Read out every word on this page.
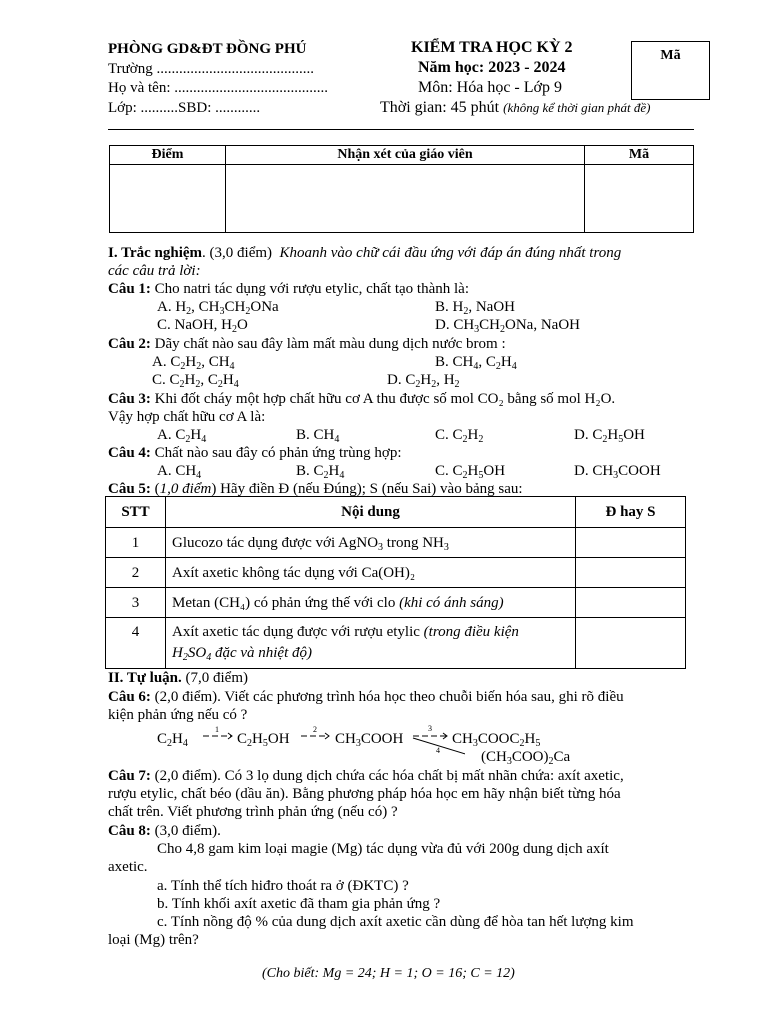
PHÒNG GD&ĐT ĐỒNG PHÚ
Trường ..........................................
Họ và tên: .........................................
Lớp: ..........SBD: ............
KIỂM TRA HỌC KỲ 2
Năm học: 2023 - 2024
Môn: Hóa học - Lớp 9
Thời gian: 45 phút (không kể thời gian phát đề)
Mã
Điểm	Nhận xét của giáo viên	Mã

I. Trắc nghiệm. (3,0 điểm) Khoanh vào chữ cái đầu ứng với đáp án đúng nhất trong
các câu trả lời:
Câu 1: Cho natri tác dụng với rượu etylic, chất tạo thành là:
A. $H_2$, $CH_3CH_2ONa$	B. $H_2$, NaOH
C. NaOH, $H_2O$	D. $CH_3CH_2ONa$, NaOH
Câu 2: Dãy chất nào sau đây làm mất màu dung dịch nước brom :
A. $C_2H_2$, $CH_4$	B. $CH_4$, $C_2H_4$
C. $C_2H_2$, $C_2H_4$	D. $C_2H_2$, $H_2$
Câu 3: Khi đốt cháy một hợp chất hữu cơ A thu được số mol CO₂ bằng số mol H₂O.
Vậy hợp chất hữu cơ A là:
A. $C_2H_4$	B. $CH_4$	C. $C_2H_2$	D. $C_2H_5OH$
Câu 4: Chất nào sau đây có phản ứng trùng hợp:
A. $CH_4$	B. $C_2H_4$	C. $C_2H_5OH$	D. $CH_3COOH$
Câu 5: (1,0 điểm) Hãy điền Đ (nếu Đúng); S (nếu Sai) vào bảng sau:
STT	Nội dung	Đ hay S
1	Glucozo tác dụng được với AgNO$_3$ trong $NH_3$	
2	Axít axetic không tác dụng với Ca(OH)₂	
3	Metan (CH₄) có phản ứng thế với clo (khi có ánh sáng)	
4	Axít axetic tác dụng được với rượu etylic (trong điều kiện
$H_2SO_4$ đặc và nhiệt độ)	
II. Tự luận. (7,0 điểm)
Câu 6: (2,0 điểm). Viết các phương trình hóa học theo chuỗi biến hóa sau, ghi rõ điều
kiện phản ứng nếu có ?
$C_2H_4$	$C_2H_5OH$	$CH_3COOH$	$CH_3COOC_2H_5$
$(CH_3COO)_2Ca$
1	2	3
4
Câu 7: (2,0 điểm). Có 3 lọ dung dịch chứa các hóa chất bị mất nhãn chứa: axít axetic,
rượu etylic, chất béo (dầu ăn). Bằng phương pháp hóa học em hãy nhận biết từng hóa
chất trên. Viết phương trình phản ứng (nếu có) ?
Câu 8: (3,0 điểm).
Cho 4,8 gam kim loại magie (Mg) tác dụng vừa đủ với 200g dung dịch axít
axetic.
a. Tính thể tích hiđro thoát ra ở (ĐKTC) ?
b. Tính khối axít axetic đã tham gia phản ứng ?
c. Tính nồng độ % của dung dịch axít axetic cần dùng để hòa tan hết lượng kim
loại (Mg) trên?
(Cho biết: Mg = 24; H = 1; O = 16; C = 12)
